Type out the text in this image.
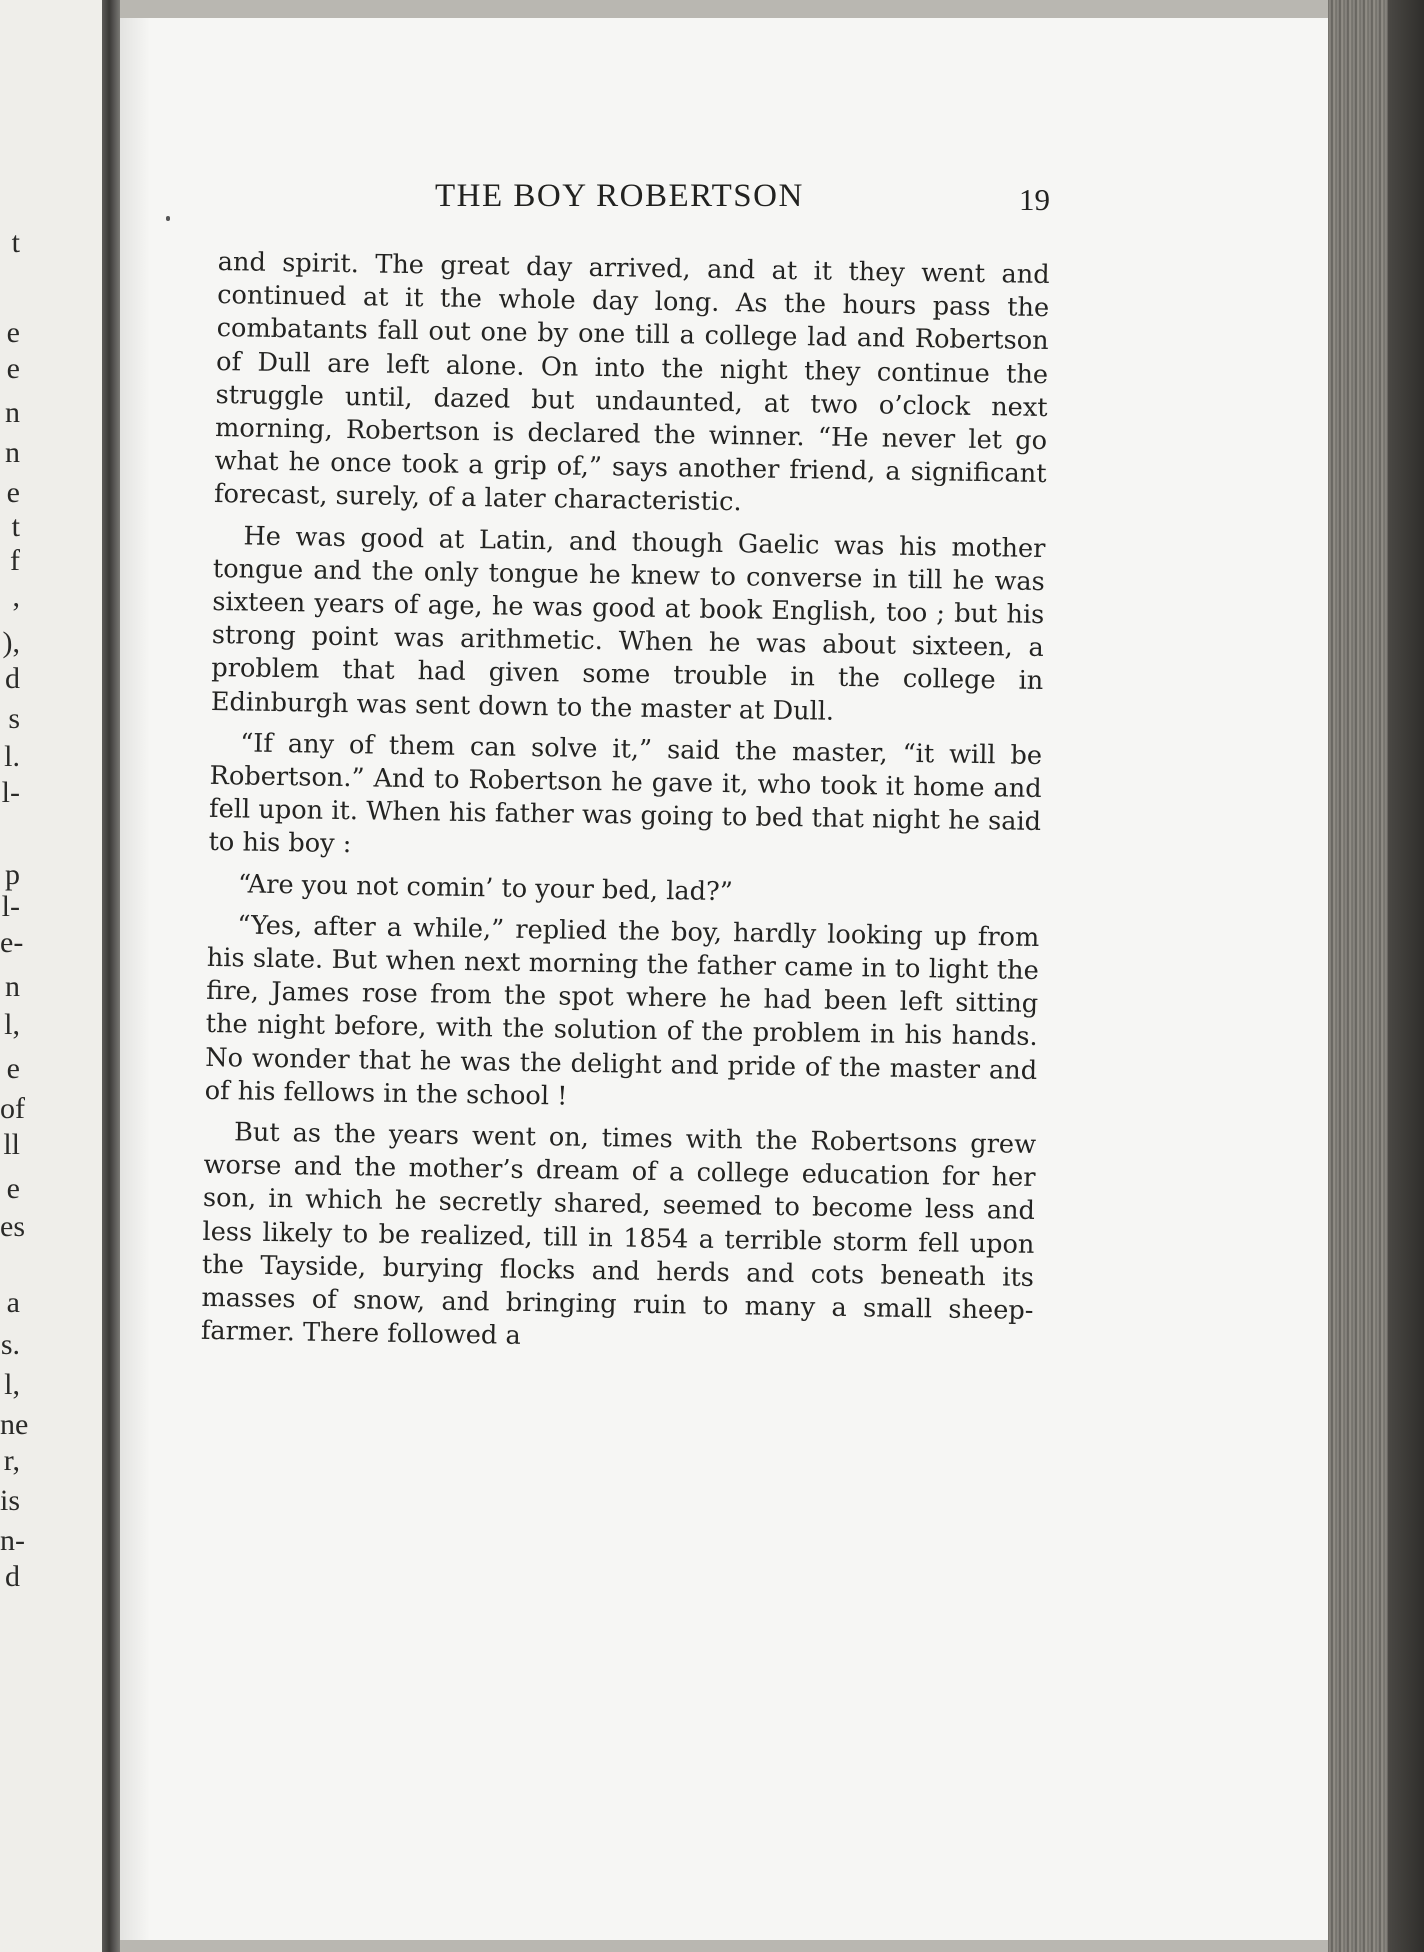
t
e
e
n
n
e
t
f
,
),
d
s
l.
l-
p
l-
e-
n
l,
e
of
ll
e
es
a
s.
l,
ne
r,
is
n-
d
THE BOY ROBERTSON	19

and spirit. The great day arrived, and at it they went and continued at it the whole day long. As the hours pass the combatants fall out one by one till a college lad and Robertson of Dull are left alone. On into the night they continue the struggle until, dazed but undaunted, at two o’clock next morning, Robertson is declared the winner. “He never let go what he once took a grip of,” says another friend, a significant forecast, surely, of a later characteristic.

He was good at Latin, and though Gaelic was his mother tongue and the only tongue he knew to converse in till he was sixteen years of age, he was good at book English, too ; but his strong point was arithmetic. When he was about sixteen, a problem that had given some trouble in the college in Edinburgh was sent down to the master at Dull.

“If any of them can solve it,” said the master, “it will be Robertson.” And to Robertson he gave it, who took it home and fell upon it. When his father was going to bed that night he said to his boy :

“Are you not comin’ to your bed, lad?”

“Yes, after a while,” replied the boy, hardly looking up from his slate. But when next morning the father came in to light the fire, James rose from the spot where he had been left sitting the night before, with the solution of the problem in his hands. No wonder that he was the delight and pride of the master and of his fellows in the school !

But as the years went on, times with the Robertsons grew worse and the mother’s dream of a college education for her son, in which he secretly shared, seemed to become less and less likely to be realized, till in 1854 a terrible storm fell upon the Tayside, burying flocks and herds and cots beneath its masses of snow, and bringing ruin to many a small sheep-farmer. There followed a
